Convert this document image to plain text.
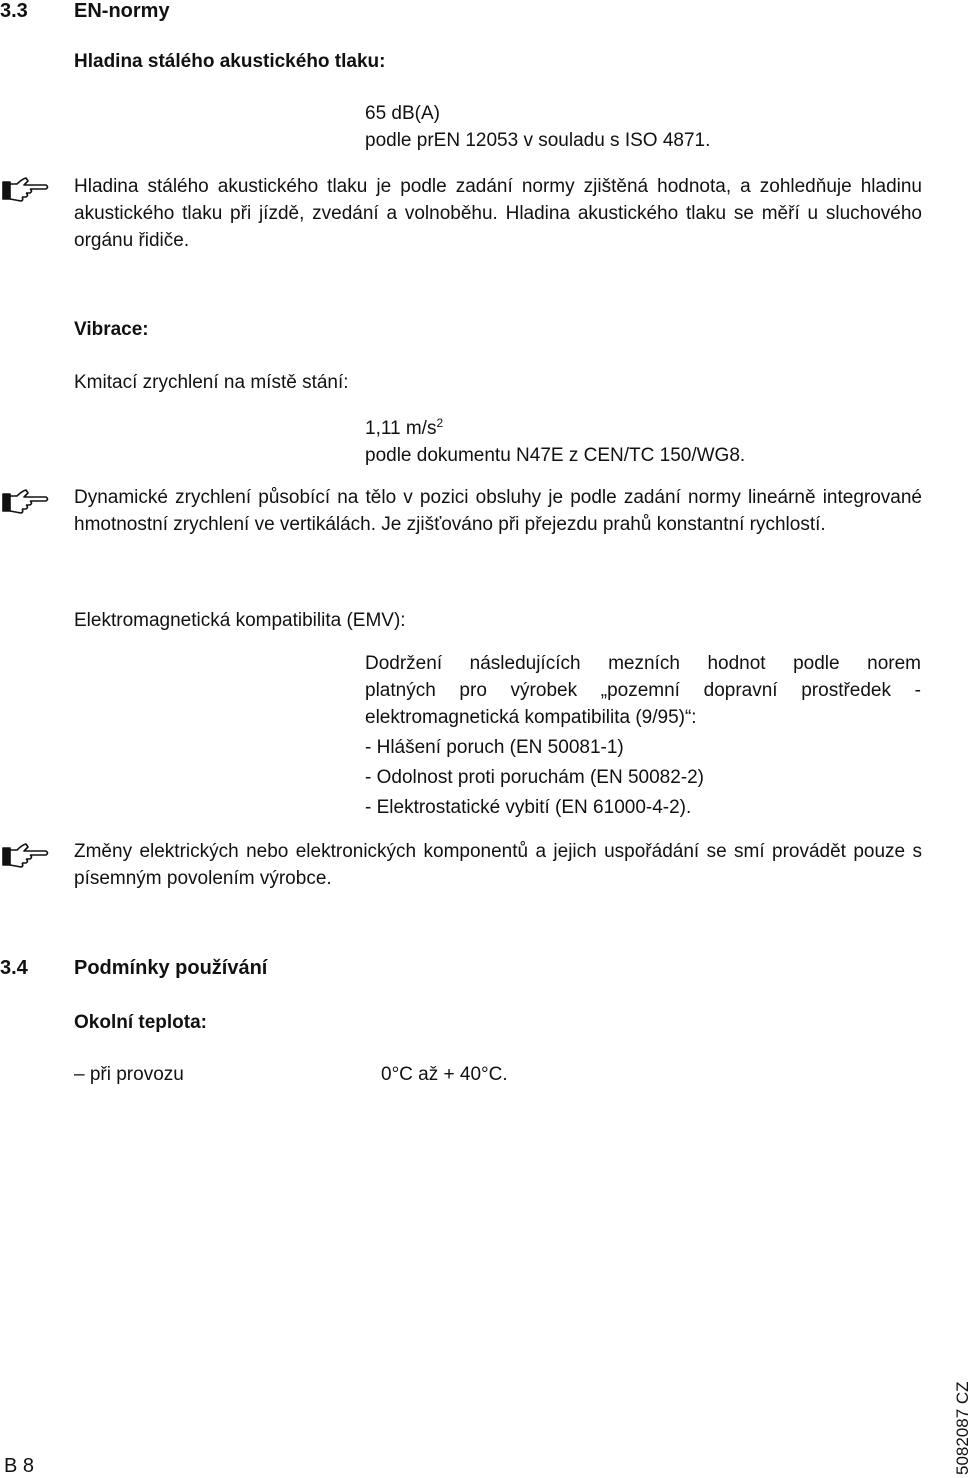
3.3 EN-normy
Hladina stálého akustického tlaku:
65 dB(A)
podle prEN 12053 v souladu s ISO 4871.
Hladina stálého akustického tlaku je podle zadání normy zjištěná hodnota, a zohledňuje hladinu akustického tlaku při jízdě, zvedání a volnoběhu. Hladina akustického tlaku se měří u sluchového orgánu řidiče.
Vibrace:
Kmitací zrychlení na místě stání:
1,11 $m/s^2$
podle dokumentu N47E z CEN/TC 150/WG8.
Dynamické zrychlení působící na tělo v pozici obsluhy je podle zadání normy lineárně integrované hmotnostní zrychlení ve vertikálách. Je zjišťováno při přejezdu prahů konstantní rychlostí.
Elektromagnetická kompatibilita (EMV):
Dodržení následujících mezních hodnot podle norem
platných pro výrobek „pozemní dopravní prostředek -
elektromagnetická kompatibilita (9/95)“:
- Hlášení poruch (EN 50081-1)
- Odolnost proti poruchám (EN 50082-2)
- Elektrostatické vybití (EN 61000-4-2).
Změny elektrických nebo elektronických komponentů a jejich uspořádání se smí provádět pouze s písemným povolením výrobce.
3.4 Podmínky používání
Okolní teplota:
– při provozu	0°C až + 40°C.
B 8	5082087 CZ
